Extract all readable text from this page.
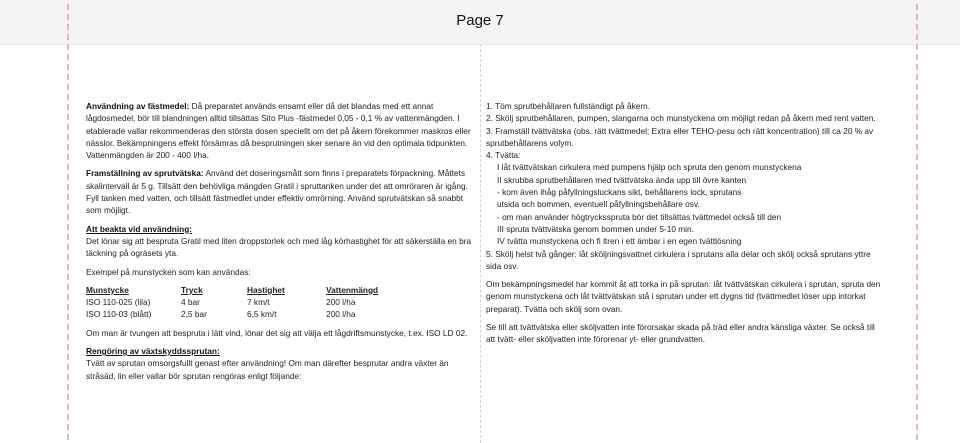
Page 7

Användning av fästmedel: Då preparatet används ensamt eller då det blandas med ett annat lågdosmedel, bör till blandningen alltid tillsättas Sito Plus -fästmedel 0,05 - 0,1 % av vattenmängden. I etablerade vallar rekommenderas den största dosen speciellt om det på åkern förekommer maskros eller nässlor. Bekämpningens effekt försämras då besprutningen sker senare än vid den optimala tidpunkten. Vattenmängden är 200 - 400 l/ha.

Framställning av sprutvätska: Använd det doseringsmått som finns i preparatets förpackning. Måttets skalintervall är 5 g. Tillsätt den behövliga mängden Gratil i spruttanken under det att omröraren är igång. Fyll tanken med vatten, och tillsätt fästmedlet under effektiv omrörning. Använd sprutvätskan så snabbt som möjligt.

Att beakta vid användning:

Det lönar sig att bespruta Gratil med liten droppstorlek och med låg körhastighet för att säkerställa en bra täckning på ogräsets yta.

Exempel på munstycken som kan användas:

Munstycke	Tryck	Hastighet	Vattenmängd
ISO 110-025 (lila)	4 bar	7 km/t	200 l/ha
ISO 110-03 (blått)	2,5 bar	6,5 km/t	200 l/ha

Om man är tvungen att bespruta i lätt vind, lönar det sig att välja ett lågdriftsmunstycke, t.ex. ISO LD 02.

Rengöring av växtskyddssprutan:

Tvätt av sprutan omsorgsfullt genast efter användning! Om man därefter besprutar andra växter än stråsäd, lin eller vallar bör sprutan rengöras enligt följande:

1. Töm sprutbehållaren fullständigt på åkern.

2. Skölj sprutbehållaren, pumpen, slangarna och munstyckena om möjligt redan på åkern med rent vatten.

3. Framställ tvättvätska (obs. rätt tvättmedel; Extra eller TEHO-pesu och rätt koncentration) till ca 20 % av sprutbehållarens volym.

4. Tvätta:

I låt tvättvätskan cirkulera med pumpens hjälp och spruta den genom munstyckena

II skrubba sprutbehållaren med tvättvätska ända upp till övre kanten

- kom även ihåg påfyllningsluckans sikt, behållarens lock, sprutans

utsida och bommen, eventuell påfyllningsbehållare osv.

- om man använder högtrycksspruta bör det tillsättas tvättmedel också till den

III spruta tvättvätska genom bommen under 5-10 min.

IV tvätta munstyckena och fi ltren i ett ämbar i en egen tvättlösning

5. Skölj helst två gånger: låt sköljningsvattnet cirkulera i sprutans alla delar och skölj också sprutans yttre sida osv.

Om bekämpningsmedel har kommit åt att torka in på sprutan: låt tvättvätskan cirkulera i sprutan, spruta den genom munstyckena och låt tvättvätskan stå i sprutan under ett dygns tid (tvättmedlet löser upp intorkat preparat). Tvätta och skölj som ovan.

Se till att tvättvätska eller sköljvatten inte förorsakar skada på träd eller andra känsliga växter. Se också till att tvätt- eller sköljvatten inte förorenar yt- eller grundvatten.
